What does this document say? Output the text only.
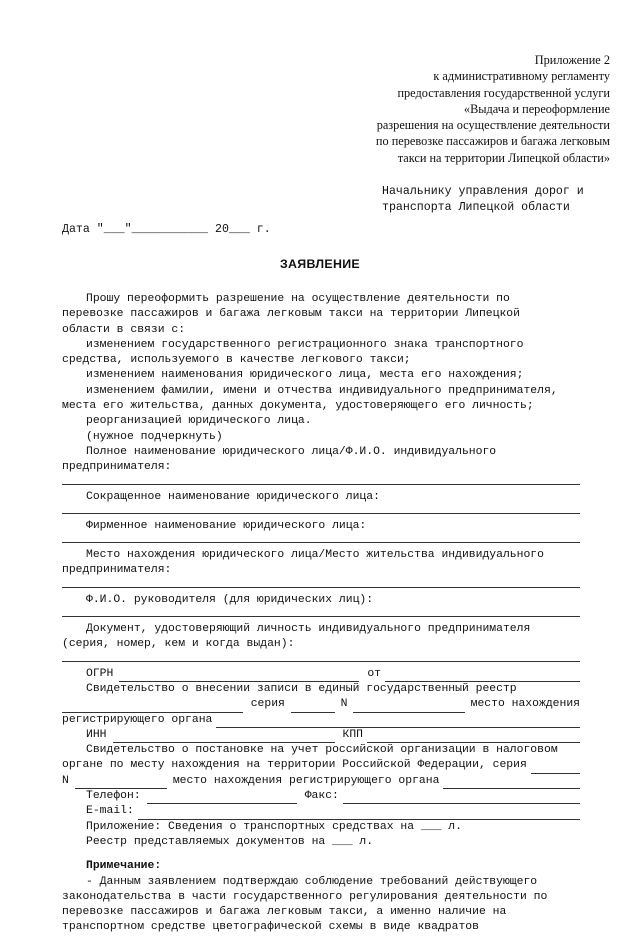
Приложение 2
к административному регламенту
предоставления государственной услуги
«Выдача и переоформление
разрешения на осуществление деятельности
по перевозке пассажиров и багажа легковым
такси на территории Липецкой области»
Начальнику управления дорог и
транспорта Липецкой области
Дата "___"___________ 20___ г.
ЗАЯВЛЕНИЕ
Прошу переоформить разрешение на осуществление деятельности по
перевозке пассажиров и багажа легковым такси на территории Липецкой
области в связи с:
изменением государственного регистрационного знака транспортного
средства, используемого в качестве легкового такси;
изменением наименования юридического лица, места его нахождения;
изменением фамилии, имени и отчества индивидуального предпринимателя,
места его жительства, данных документа, удостоверяющего его личность;
реорганизацией юридического лица.
(нужное подчеркнуть)
Полное наименование юридического лица/Ф.И.О. индивидуального
предпринимателя:
Сокращенное наименование юридического лица:
Фирменное наименование юридического лица:
Место нахождения юридического лица/Место жительства индивидуального
предпринимателя:
Ф.И.О. руководителя (для юридических лиц):
Документ, удостоверяющий личность индивидуального предпринимателя
(серия, номер, кем и когда выдан):
ОГРН	от
Свидетельство о внесении записи в единый государственный реестр
серия	N	место нахождения
регистрирующего органа
ИНН	КПП
Свидетельство о постановке на учет российской организации в налоговом
органе по месту нахождения на территории Российской Федерации, серия
N	место нахождения регистрирующего органа
Телефон:	Факс:
E-mail:
Приложение: Сведения о транспортных средствах на ___ л.
Реестр представляемых документов на ___ л.
Примечание:
- Данным заявлением подтверждаю соблюдение требований действующего
законодательства в части государственного регулирования деятельности по
перевозке пассажиров и багажа легковым такси, а именно наличие на
транспортном средстве цветографической схемы в виде квадратов
